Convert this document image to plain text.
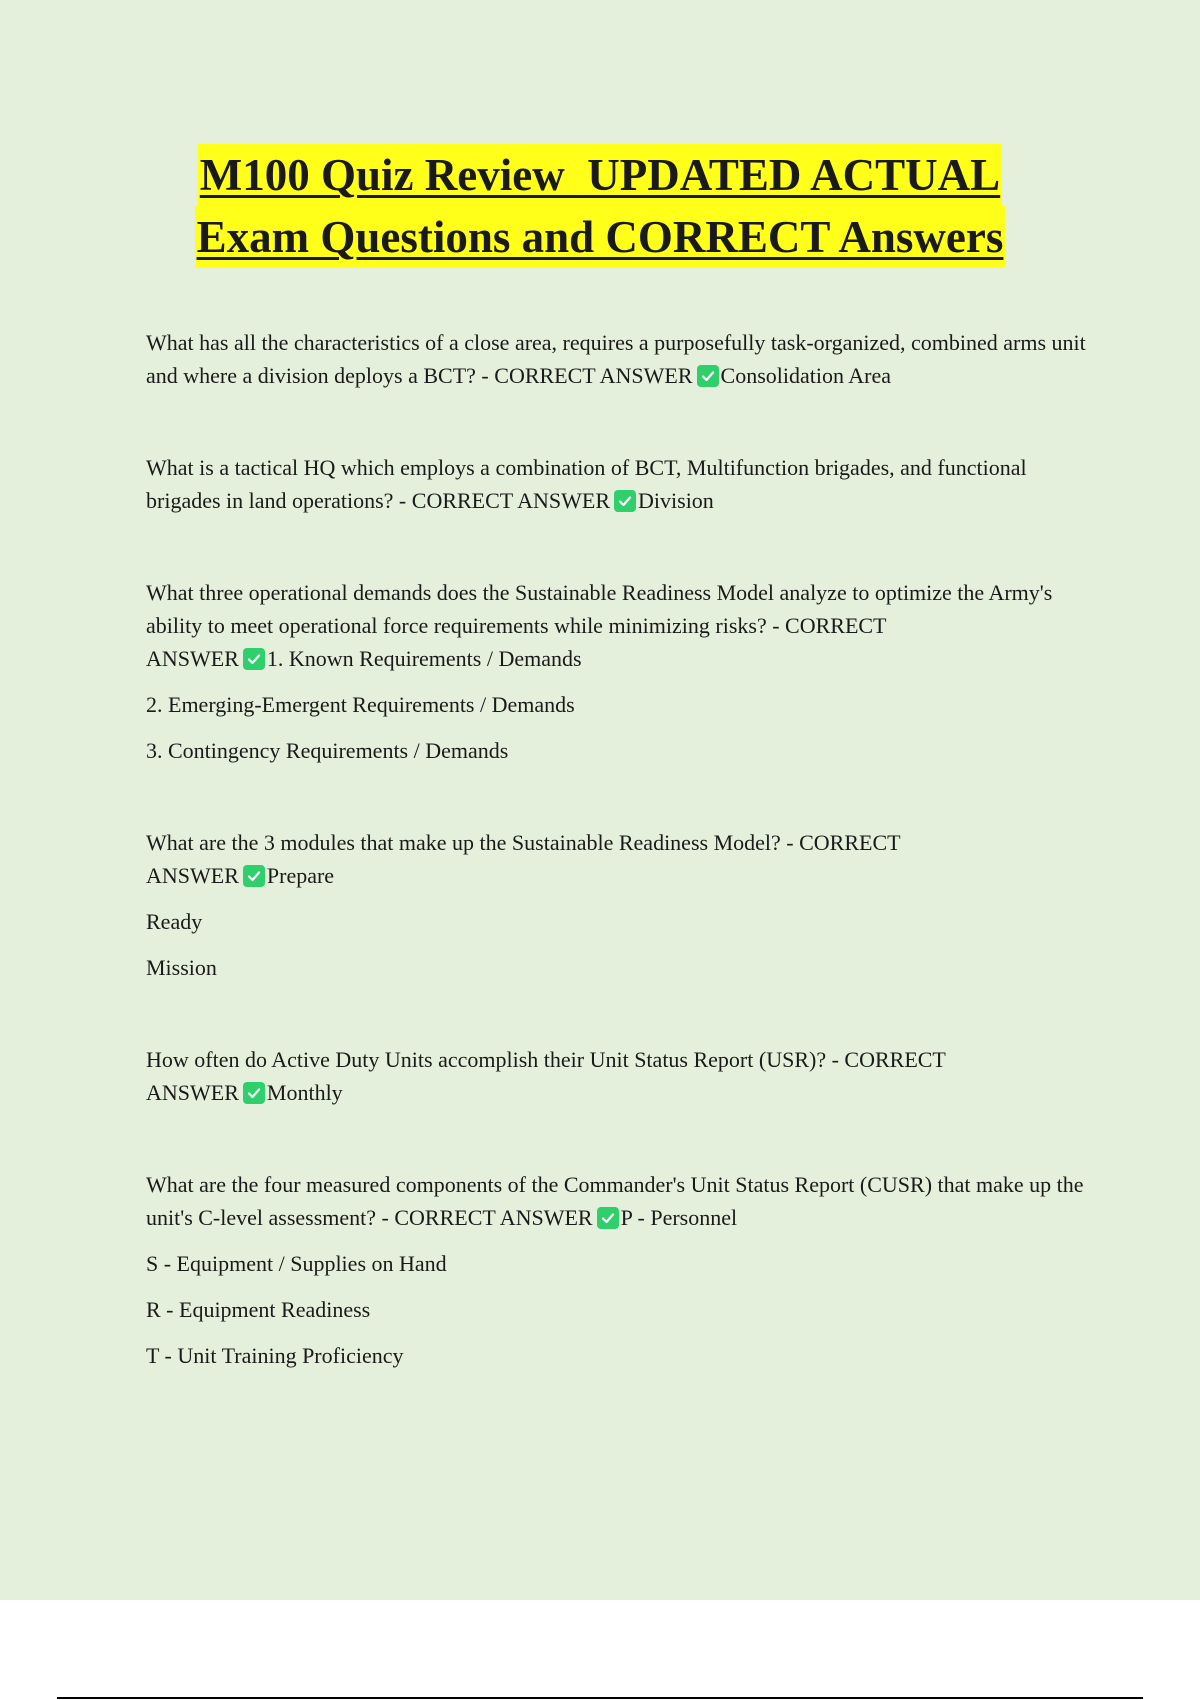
M100 Quiz Review  UPDATED ACTUAL
Exam Questions and CORRECT Answers

What has all the characteristics of a close area, requires a purposefully task-organized, combined arms unit and where a division deploys a BCT? - CORRECT ANSWER Consolidation Area

What is a tactical HQ which employs a combination of BCT, Multifunction brigades, and functional brigades in land operations? - CORRECT ANSWER Division

What three operational demands does the Sustainable Readiness Model analyze to optimize the Army's ability to meet operational force requirements while minimizing risks? - CORRECT
ANSWER 1. Known Requirements / Demands

2. Emerging-Emergent Requirements / Demands

3. Contingency Requirements / Demands

What are the 3 modules that make up the Sustainable Readiness Model? - CORRECT
ANSWER Prepare

Ready

Mission

How often do Active Duty Units accomplish their Unit Status Report (USR)? - CORRECT
ANSWER Monthly

What are the four measured components of the Commander's Unit Status Report (CUSR) that make up the unit's C-level assessment? - CORRECT ANSWER P - Personnel

S - Equipment / Supplies on Hand

R - Equipment Readiness

T - Unit Training Proficiency
